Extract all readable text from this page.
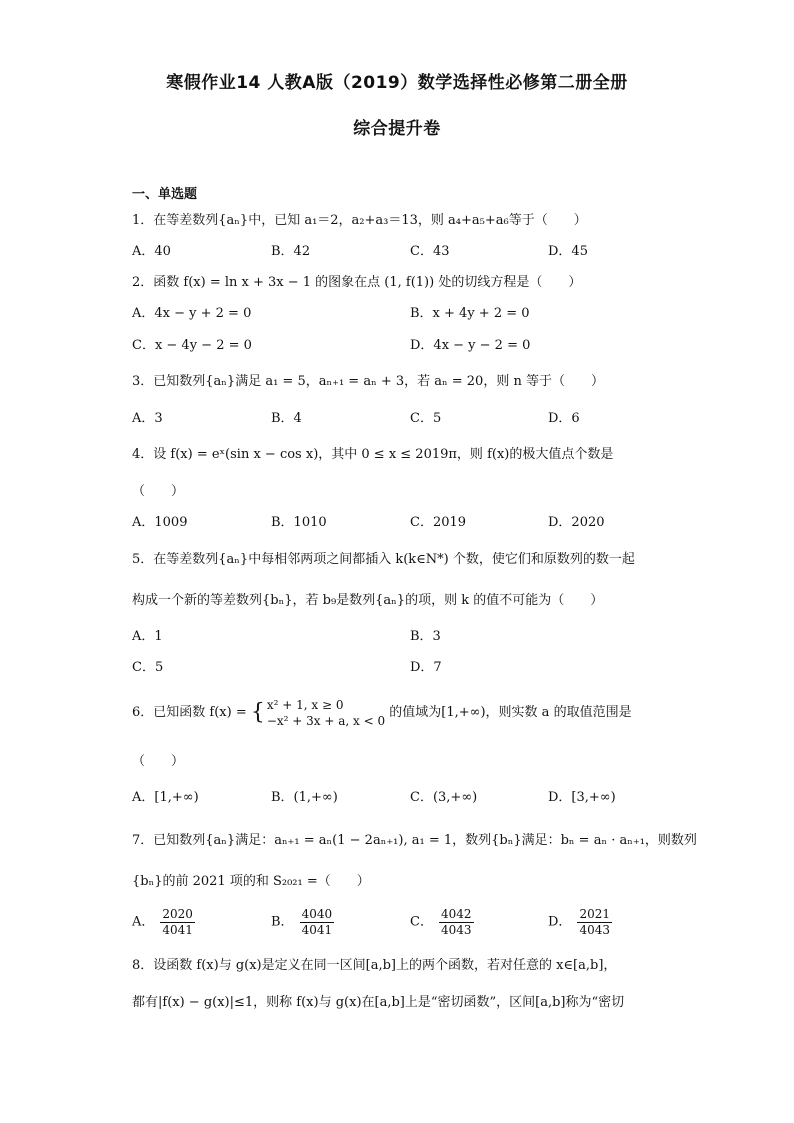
寒假作业14 人教A版（2019）数学选择性必修第二册全册
综合提升卷
一、单选题
1．在等差数列{aₙ}中，已知 a₁＝2，a₂+a₃＝13，则 a₄+a₅+a₆等于（　　）
A．40	B．42	C．43	D．45
2．函数 f(x) = ln x + 3x − 1 的图象在点 (1, f(1)) 处的切线方程是（　　）
A．4x − y + 2 = 0	B．x + 4y + 2 = 0
C．x − 4y − 2 = 0	D．4x − y − 2 = 0
3．已知数列{aₙ}满足 a₁ = 5，aₙ₊₁ = aₙ + 3，若 aₙ = 20，则 n 等于（　　）
A．3	B．4	C．5	D．6
4．设 f(x) = eˣ(sin x − cos x)，其中 0 ≤ x ≤ 2019π，则 f(x)的极大值点个数是
（　　）
A．1009	B．1010	C．2019	D．2020
5．在等差数列{aₙ}中每相邻两项之间都插入 k(k∈N*) 个数，使它们和原数列的数一起
构成一个新的等差数列{bₙ}，若 b₉是数列{aₙ}的项，则 k 的值不可能为（　　）
A．1	B．3
C．5	D．7
6．已知函数 f(x) = { x² + 1, x ≥ 0
−x² + 3x + a, x < 0
的值域为[1,+∞)，则实数 a 的取值范围是
（　　）
A．[1,+∞)	B．(1,+∞)	C．(3,+∞)	D．[3,+∞)
7．已知数列{aₙ}满足：aₙ₊₁ = aₙ(1 − 2aₙ₊₁), a₁ = 1，数列{bₙ}满足：bₙ = aₙ · aₙ₊₁，则数列
{bₙ}的前 2021 项的和 S₂₀₂₁ =（　　）
A． $\frac{2020}{4041}$	B． $\frac{4040}{4041}$	C． $\frac{4042}{4043}$	D． $\frac{2021}{4043}$
8．设函数 f(x)与 g(x)是定义在同一区间[a,b]上的两个函数，若对任意的 x∈[a,b]，
都有|f(x) − g(x)|≤1，则称 f(x)与 g(x)在[a,b]上是“密切函数”，区间[a,b]称为“密切
